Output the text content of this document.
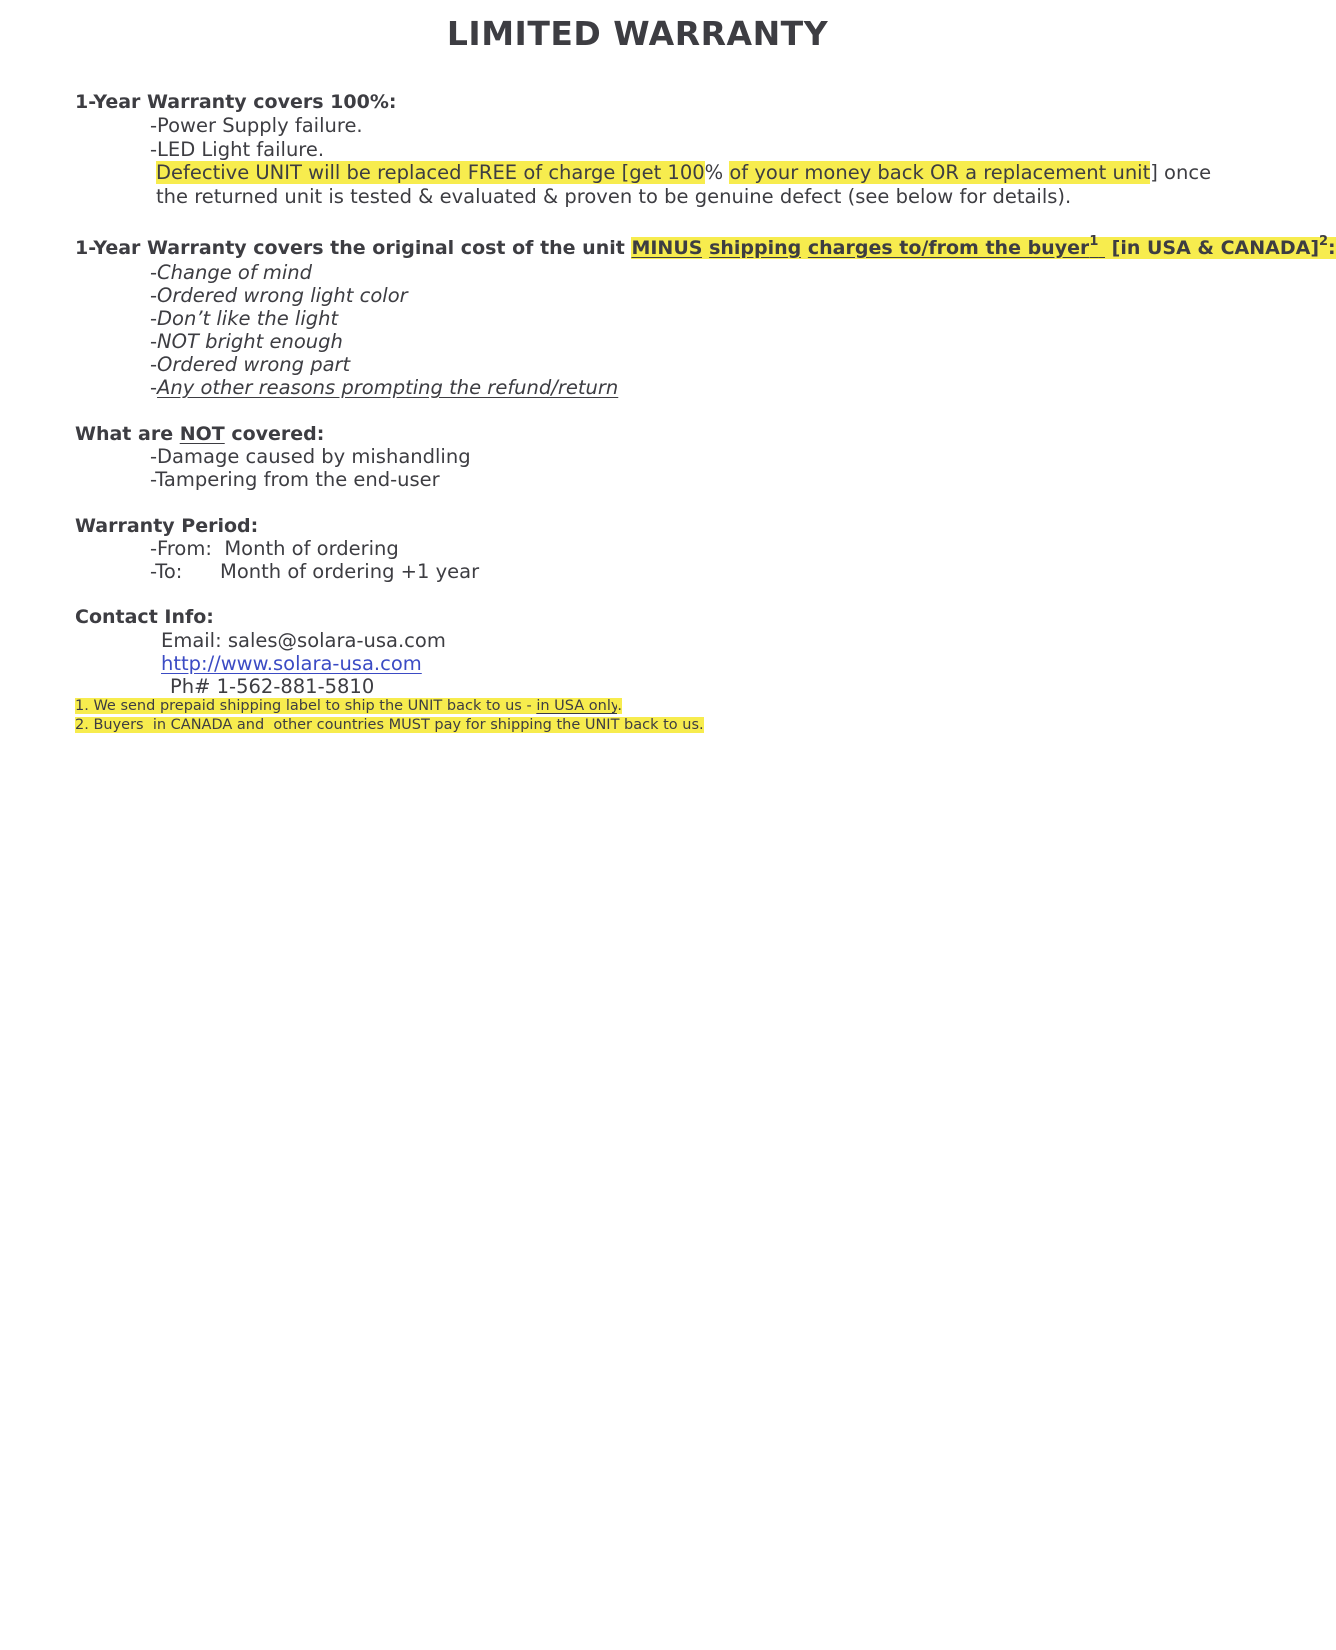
LIMITED WARRANTY

1-Year Warranty covers 100%:

-Power Supply failure.

-LED Light failure.

Defective UNIT will be replaced FREE of charge [get 100% of your money back OR a replacement unit] once the returned unit is tested & evaluated & proven to be genuine defect (see below for details).

1-Year Warranty covers the original cost of the unit MINUS shipping charges to/from the buyer$^1$  [in USA & CANADA]$^2$:

-Change of mind

-Ordered wrong light color

-Don’t like the light

-NOT bright enough

-Ordered wrong part

-Any other reasons prompting the refund/return

What are NOT covered:

-Damage caused by mishandling

-Tampering from the end-user

Warranty Period:

-From: Month of ordering

-To: Month of ordering +1 year

Contact Info:

Email: sales@solara-usa.com

http://www.solara-usa.com

Ph# 1-562-881-5810

1. We send prepaid shipping label to ship the UNIT back to us - in USA only.

2. Buyers  in CANADA and  other countries MUST pay for shipping the UNIT back to us.
